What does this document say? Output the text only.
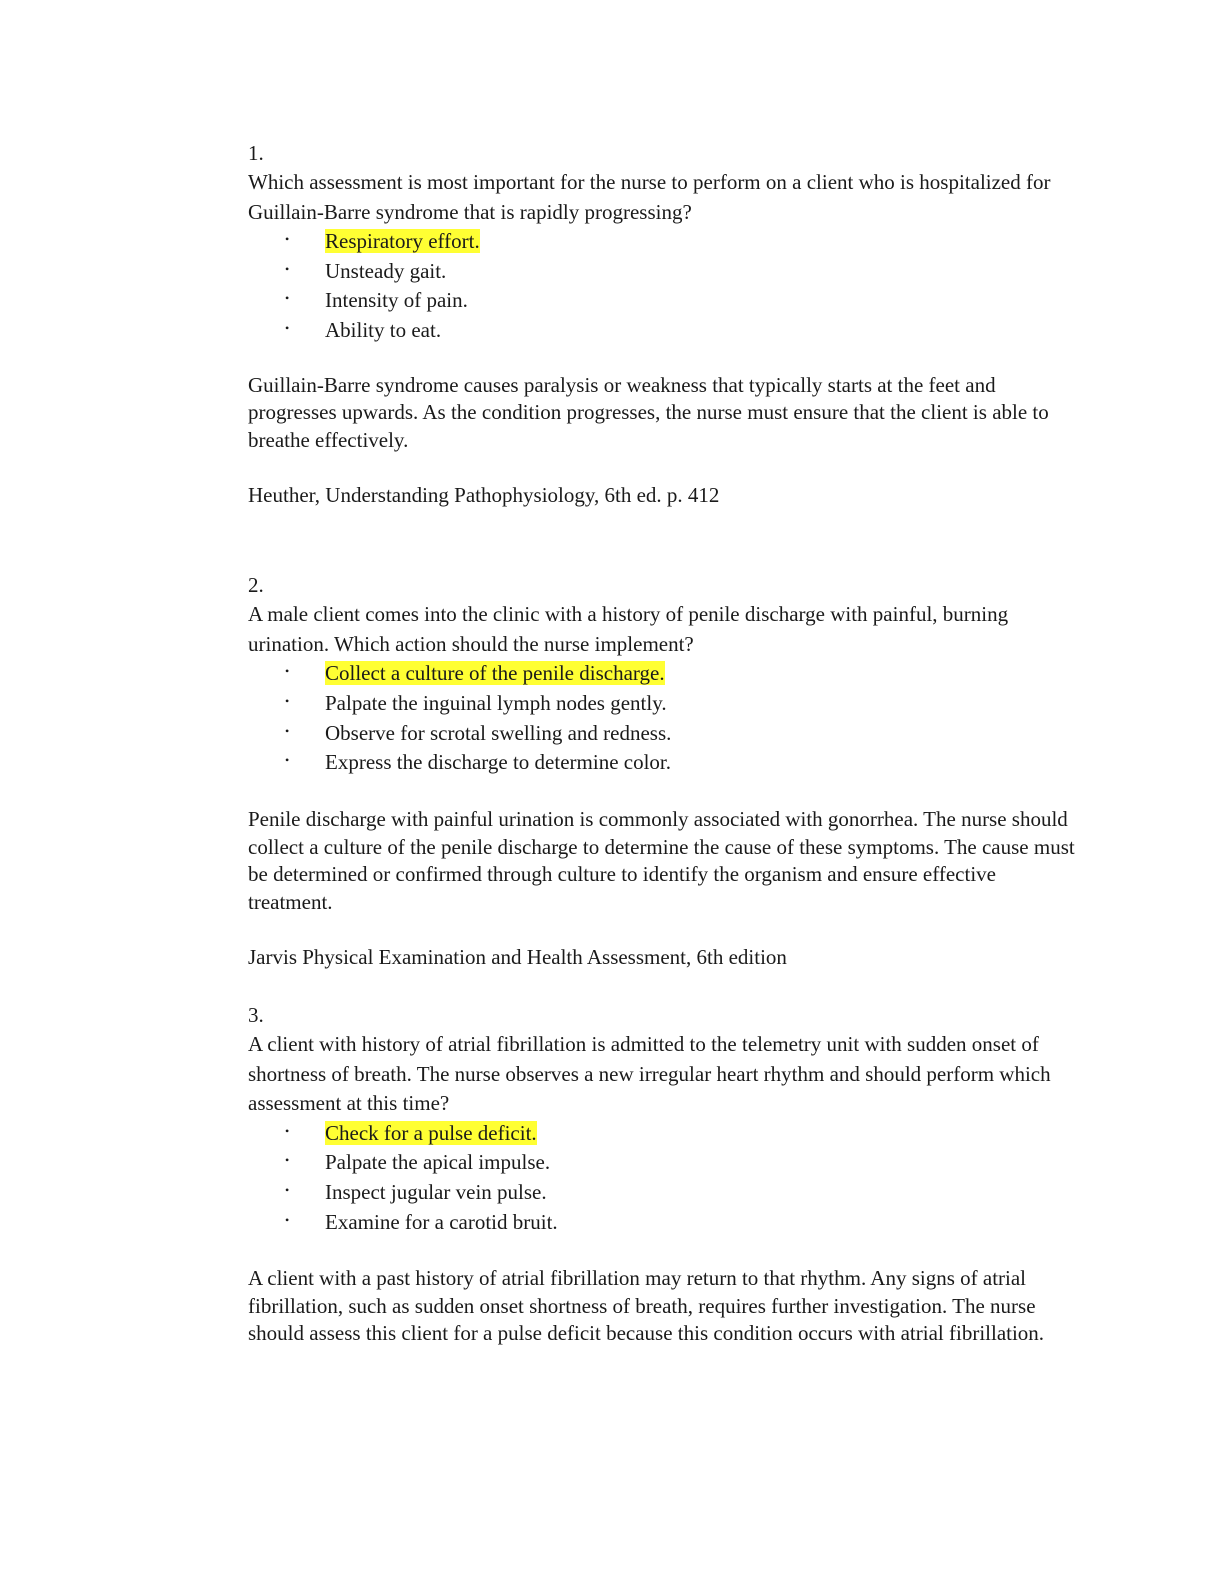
1.

Which assessment is most important for the nurse to perform on a client who is hospitalized for Guillain-Barre syndrome that is rapidly progressing?

• Respiratory effort.
• Unsteady gait.
• Intensity of pain.
• Ability to eat.

Guillain-Barre syndrome causes paralysis or weakness that typically starts at the feet and progresses upwards. As the condition progresses, the nurse must ensure that the client is able to breathe effectively.

Heuther, Understanding Pathophysiology, 6th ed. p. 412

2.

A male client comes into the clinic with a history of penile discharge with painful, burning urination. Which action should the nurse implement?

• Collect a culture of the penile discharge.
• Palpate the inguinal lymph nodes gently.
• Observe for scrotal swelling and redness.
• Express the discharge to determine color.

Penile discharge with painful urination is commonly associated with gonorrhea. The nurse should collect a culture of the penile discharge to determine the cause of these symptoms. The cause must be determined or confirmed through culture to identify the organism and ensure effective treatment.

Jarvis Physical Examination and Health Assessment, 6th edition

3.

A client with history of atrial fibrillation is admitted to the telemetry unit with sudden onset of shortness of breath. The nurse observes a new irregular heart rhythm and should perform which assessment at this time?

• Check for a pulse deficit.
• Palpate the apical impulse.
• Inspect jugular vein pulse.
• Examine for a carotid bruit.

A client with a past history of atrial fibrillation may return to that rhythm. Any signs of atrial fibrillation, such as sudden onset shortness of breath, requires further investigation. The nurse should assess this client for a pulse deficit because this condition occurs with atrial fibrillation.
